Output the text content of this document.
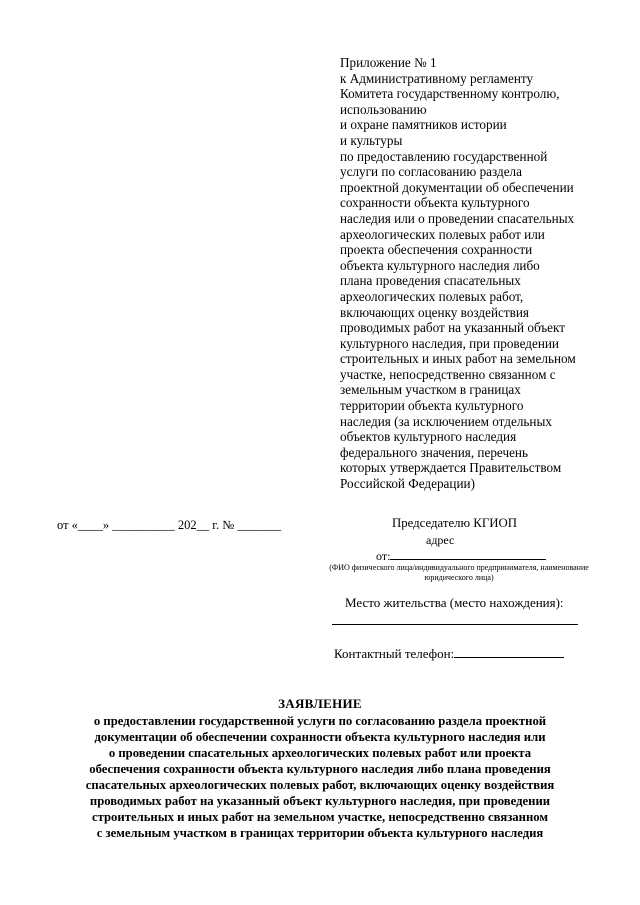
Приложение № 1
к Административному регламенту
Комитета государственному контролю,
использованию
и охране памятников истории
и культуры
по предоставлению государственной
услуги по согласованию раздела
проектной документации об обеспечении
сохранности объекта культурного
наследия или о проведении спасательных
археологических полевых работ или
проекта обеспечения сохранности
объекта культурного наследия либо
плана проведения спасательных
археологических полевых работ,
включающих оценку воздействия
проводимых работ на указанный объект
культурного наследия, при проведении
строительных и иных работ на земельном
участке, непосредственно связанном с
земельным участком в границах
территории объекта культурного
наследия (за исключением отдельных
объектов культурного наследия
федерального значения, перечень
которых утверждается Правительством
Российской Федерации)
от «____» __________ 202__ г. № _______	Председателю КГИОП
адрес
от:
(ФИО физического лица/индивидуального предпринимателя, наименование юридического лица)
Место жительства (место нахождения):
Контактный телефон:
ЗАЯВЛЕНИЕ
о предоставлении государственной услуги по согласованию раздела проектной
документации об обеспечении сохранности объекта культурного наследия или
о проведении спасательных археологических полевых работ или проекта
обеспечения сохранности объекта культурного наследия либо плана проведения
спасательных археологических полевых работ, включающих оценку воздействия
проводимых работ на указанный объект культурного наследия, при проведении
строительных и иных работ на земельном участке, непосредственно связанном
с земельным участком в границах территории объекта культурного наследия
